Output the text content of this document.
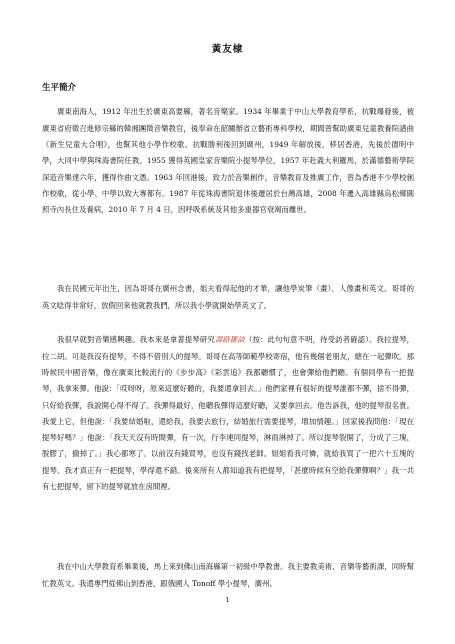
黃友棣
生平簡介

廣東南海人，1912 年出生於廣東高要縣，著名音樂家。1934 年畢業于中山大學教育學系，抗戰爆發後，被廣東省府徵召進修宗縣的韓湘團徵音樂教官，後奉命在韶關辦省立藝術專科學校，期間曾幫助廣東兒童教養院譜曲《新生兒童大合唱》，也幫其他小學作校歌。抗戰勝利後回到廣州，1949 年解放後，移居香港，先後於德明中學，大同中學與珠海書院任教。1955 獲得英國皇家音樂院小提琴學位，1957 年赴義大利羅馬，於滿德藝術學院深造音樂達六年，獲得作曲文憑。1963 年回港後，致力於音樂創作，音樂教育及推廣工作，曾為香港不少學校創作校歌，從小學、中學以致大專都有。1987 年從珠海書院退休後遷居於台灣高雄，2008 年遷入高雄縣烏松鄉圓照寺內長住及養病，2010 年 7 月 4 日，因呼吸系統及其他多重器官衰竭而離世。

我在民國元年出生，因為哥哥在廣州念書，姐夫看得起他的才華，讓他學炭筆（畫）、人像畫和英文。哥哥的英文唸得非常好，放假回來他就教我們，所以我小學就開始學英文了。

我很早就對音樂感興趣。我本來是拿著提琴研究壽路羅談（按：此句句意不明，待受訪者確認）。我拉提琴，拉二胡。可是我沒有提琴，不得不借別人的提琴。哥哥在高等師範學校寄宿，他有幾個老朋友，總在一起彈吹。那時候民中國音樂，像在廣東比較流行的《步步高》《彩雲追》我都聽慣了，也會彈給他們聽。有個同學有一把提琴，我拿來彈。他說：「哎呀呀，原來這麼好聽的，我要還拿回去。」他們家裡有很好的提琴誰都不彈，捨不得彈，只好給我彈，我說開心得不得了。我彈得最好，他聽我彈得這麼好聽，又要拿回去。他告訴我，他的提琴很名貴。我愛上它，但他說：「我要結婚啦，還給我，我要去旅行，結婚旅行需要提琴，增加情趣。」回家後我問他：「現在提琴好嗎？」他說：「我天天沒有時間彈，有一次，行李連同提琴，淋雨淋掉了。所以提琴裂開了，分成了三塊，脫膠了，撤掉了。」我心都寒了。以前沒有錢買琴，也沒有錢找老師。姐姐看我可憐，就給我買了一把六十五塊的提琴。我才真正有一把提琴，學得還不錯。後來所有人都知道我有把提琴，「甚麼時候有空給我彈彈啊？」我一共有七把提琴，留下的提琴就放在房間裡。

我在中山大學教育系畢業後，馬上來到佛山南海縣第一初級中學教書。我主要教美術、音樂等藝術課，同時幫忙教英文。我還專門從佛山到香港，跟俄國人 Tonoff 學小提琴，廣州、

1
